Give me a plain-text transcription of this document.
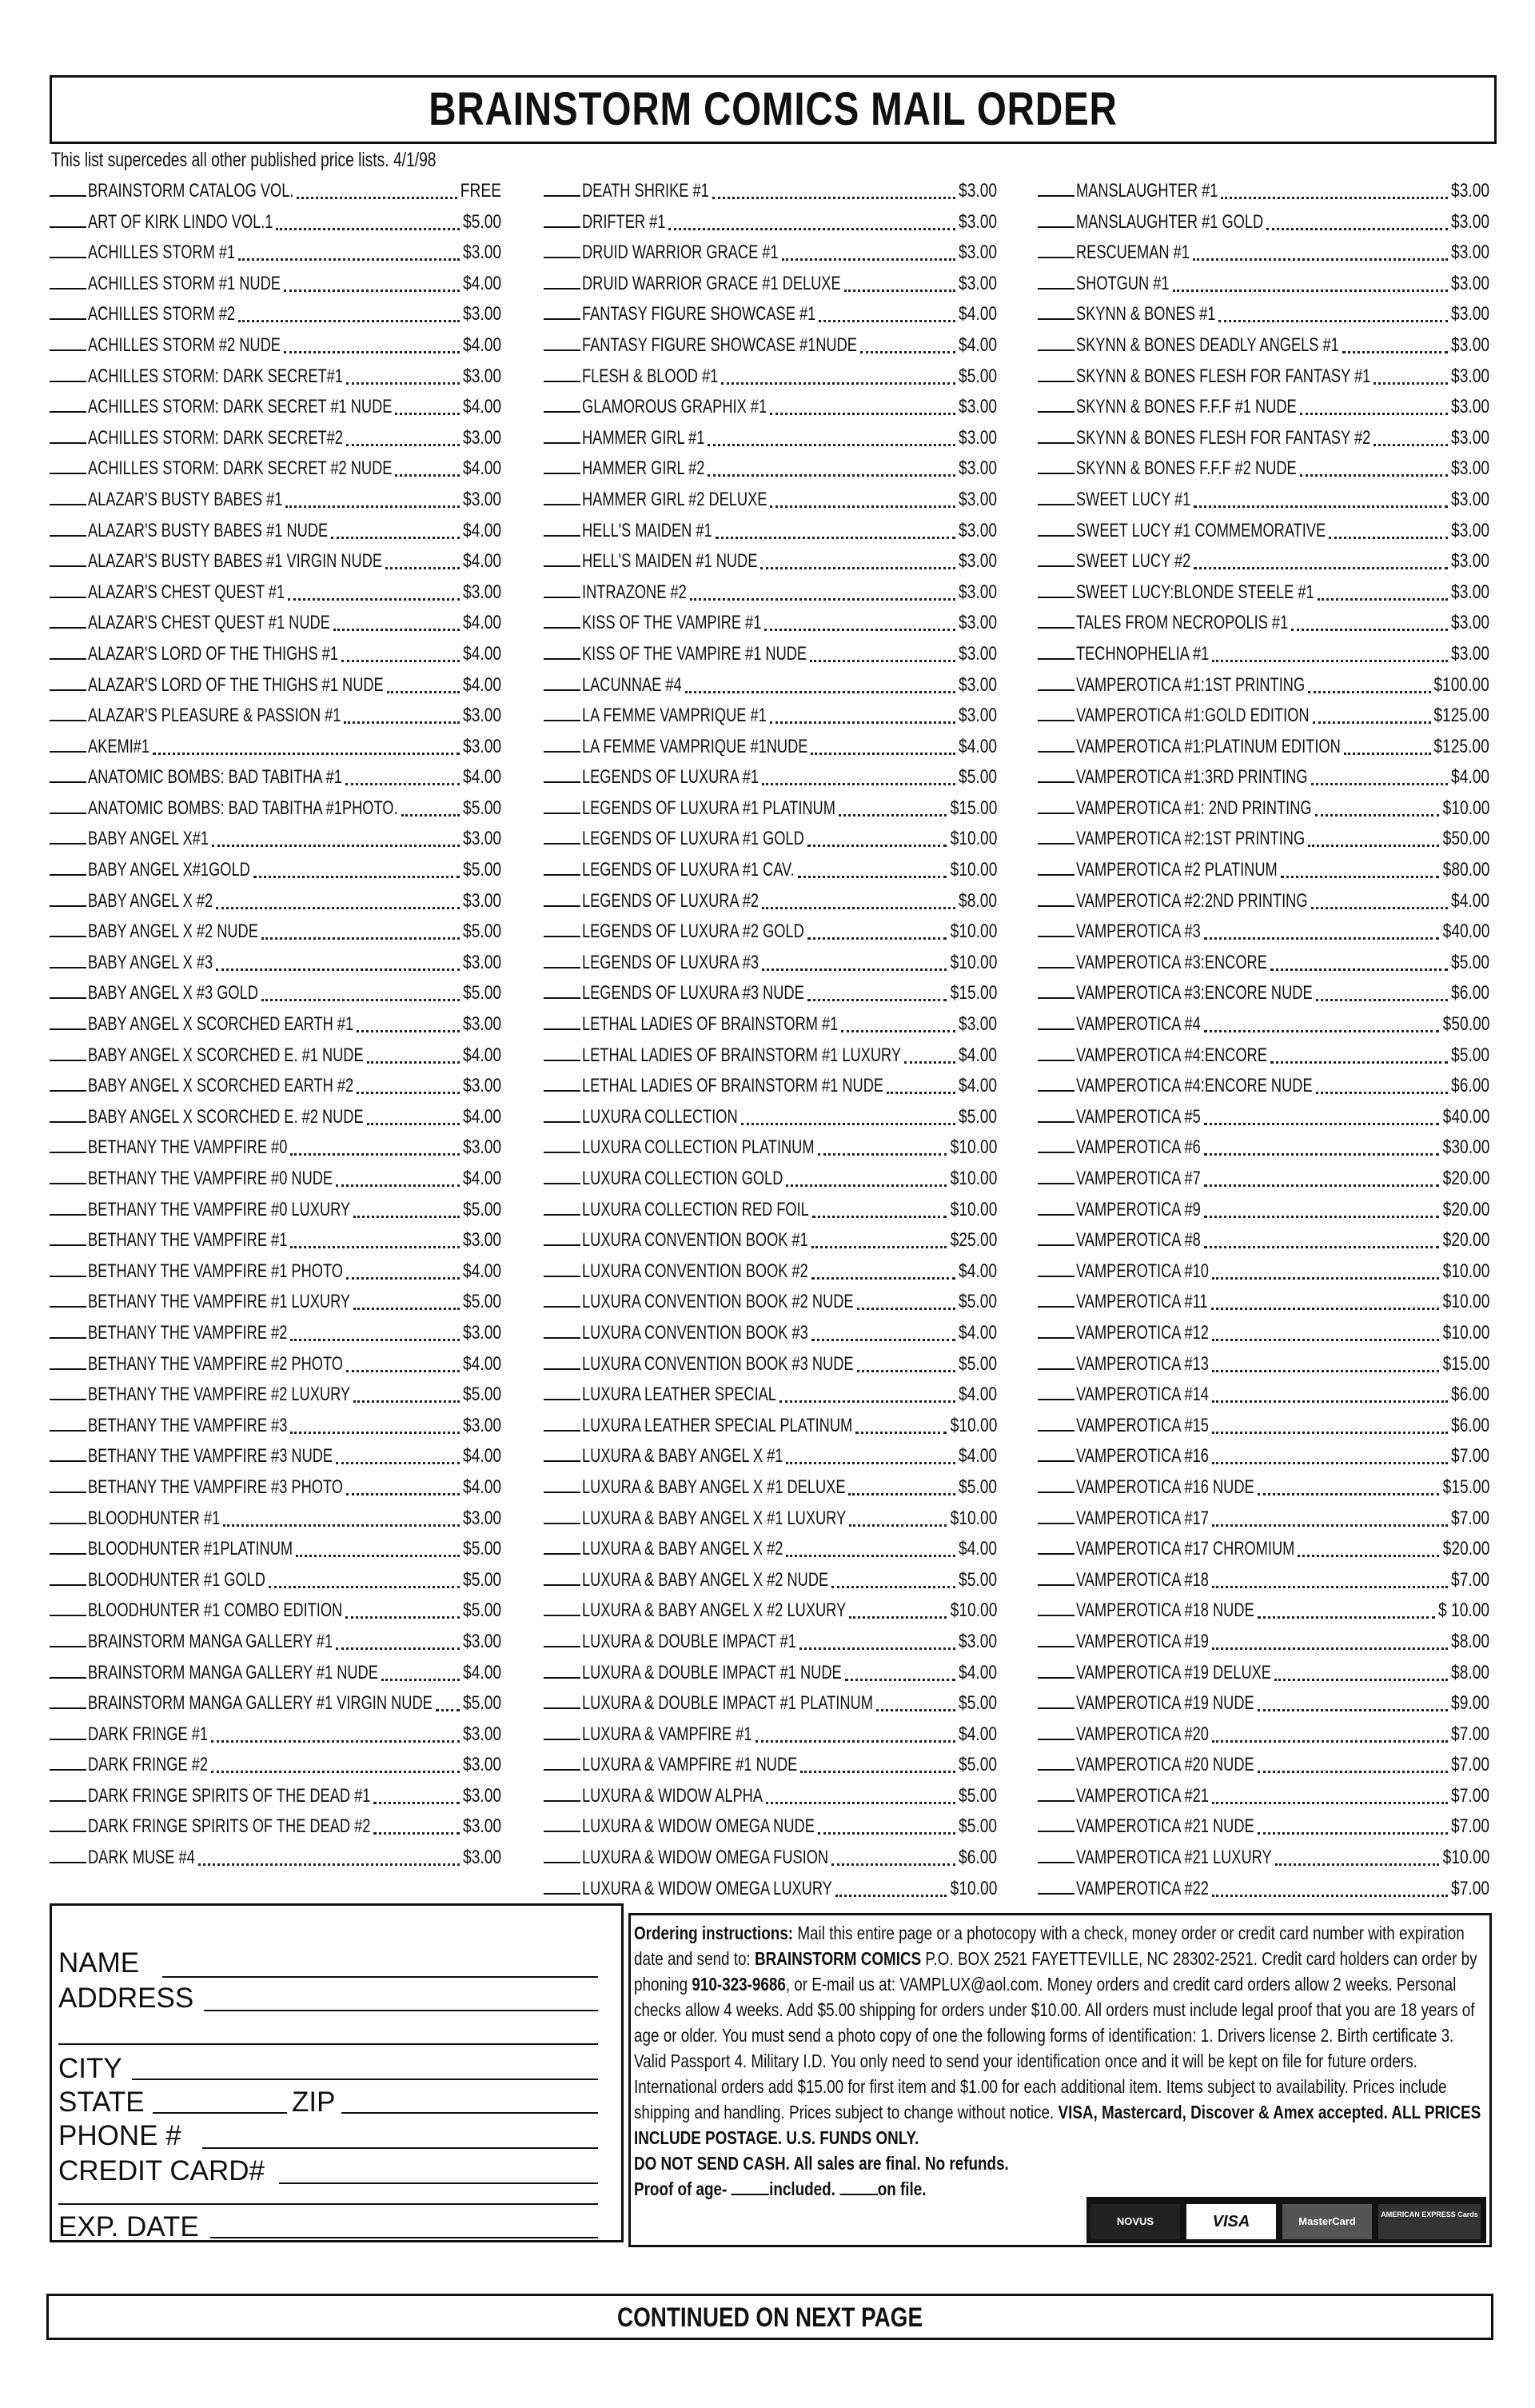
BRAINSTORM COMICS MAIL ORDER
This list supercedes all other published price lists. 4/1/98
BRAINSTORM CATALOG VOL.	FREE
ART OF KIRK LINDO VOL.1	$5.00
ACHILLES STORM #1	$3.00
ACHILLES STORM #1 NUDE	$4.00
ACHILLES STORM #2	$3.00
ACHILLES STORM #2 NUDE	$4.00
ACHILLES STORM: DARK SECRET#1	$3.00
ACHILLES STORM: DARK SECRET #1 NUDE	$4.00
ACHILLES STORM: DARK SECRET#2	$3.00
ACHILLES STORM: DARK SECRET #2 NUDE	$4.00
ALAZAR'S BUSTY BABES #1	$3.00
ALAZAR'S BUSTY BABES #1 NUDE	$4.00
ALAZAR'S BUSTY BABES #1 VIRGIN NUDE	$4.00
ALAZAR'S CHEST QUEST #1	$3.00
ALAZAR'S CHEST QUEST #1 NUDE	$4.00
ALAZAR'S LORD OF THE THIGHS #1	$4.00
ALAZAR'S LORD OF THE THIGHS #1 NUDE	$4.00
ALAZAR'S PLEASURE & PASSION #1	$3.00
AKEMI#1	$3.00
ANATOMIC BOMBS: BAD TABITHA #1	$4.00
ANATOMIC BOMBS: BAD TABITHA #1PHOTO.	$5.00
BABY ANGEL X#1	$3.00
BABY ANGEL X#1GOLD	$5.00
BABY ANGEL X #2	$3.00
BABY ANGEL X #2 NUDE	$5.00
BABY ANGEL X #3	$3.00
BABY ANGEL X #3 GOLD	$5.00
BABY ANGEL X SCORCHED EARTH #1	$3.00
BABY ANGEL X SCORCHED E. #1 NUDE	$4.00
BABY ANGEL X SCORCHED EARTH #2	$3.00
BABY ANGEL X SCORCHED E. #2 NUDE	$4.00
BETHANY THE VAMPFIRE #0	$3.00
BETHANY THE VAMPFIRE #0 NUDE	$4.00
BETHANY THE VAMPFIRE #0 LUXURY	$5.00
BETHANY THE VAMPFIRE #1	$3.00
BETHANY THE VAMPFIRE #1 PHOTO	$4.00
BETHANY THE VAMPFIRE #1 LUXURY	$5.00
BETHANY THE VAMPFIRE #2	$3.00
BETHANY THE VAMPFIRE #2 PHOTO	$4.00
BETHANY THE VAMPFIRE #2 LUXURY	$5.00
BETHANY THE VAMPFIRE #3	$3.00
BETHANY THE VAMPFIRE #3 NUDE	$4.00
BETHANY THE VAMPFIRE #3 PHOTO	$4.00
BLOODHUNTER #1	$3.00
BLOODHUNTER #1PLATINUM	$5.00
BLOODHUNTER #1 GOLD	$5.00
BLOODHUNTER #1 COMBO EDITION	$5.00
BRAINSTORM MANGA GALLERY #1	$3.00
BRAINSTORM MANGA GALLERY #1 NUDE	$4.00
BRAINSTORM MANGA GALLERY #1 VIRGIN NUDE $5.00
DARK FRINGE #1	$3.00
DARK FRINGE #2	$3.00
DARK FRINGE SPIRITS OF THE DEAD #1	$3.00
DARK FRINGE SPIRITS OF THE DEAD #2	$3.00
DARK MUSE #4	$3.00
DEATH SHRIKE #1	$3.00
DRIFTER #1	$3.00
DRUID WARRIOR GRACE #1	$3.00
DRUID WARRIOR GRACE #1 DELUXE	$3.00
FANTASY FIGURE SHOWCASE #1	$4.00
FANTASY FIGURE SHOWCASE #1NUDE	$4.00
FLESH & BLOOD #1	$5.00
GLAMOROUS GRAPHIX #1	$3.00
HAMMER GIRL #1	$3.00
HAMMER GIRL #2	$3.00
HAMMER GIRL #2 DELUXE	$3.00
HELL'S MAIDEN #1	$3.00
HELL'S MAIDEN #1 NUDE	$3.00
INTRAZONE #2	$3.00
KISS OF THE VAMPIRE #1	$3.00
KISS OF THE VAMPIRE #1 NUDE	$3.00
LACUNNAE #4	$3.00
LA FEMME VAMPRIQUE #1	$3.00
LA FEMME VAMPRIQUE #1NUDE	$4.00
LEGENDS OF LUXURA #1	$5.00
LEGENDS OF LUXURA #1 PLATINUM	$15.00
LEGENDS OF LUXURA #1 GOLD	$10.00
LEGENDS OF LUXURA #1 CAV.	$10.00
LEGENDS OF LUXURA #2	$8.00
LEGENDS OF LUXURA #2 GOLD	$10.00
LEGENDS OF LUXURA #3	$10.00
LEGENDS OF LUXURA #3 NUDE	$15.00
LETHAL LADIES OF BRAINSTORM #1	$3.00
LETHAL LADIES OF BRAINSTORM #1 LUXURY	$4.00
LETHAL LADIES OF BRAINSTORM #1 NUDE	$4.00
LUXURA COLLECTION	$5.00
LUXURA COLLECTION PLATINUM	$10.00
LUXURA COLLECTION GOLD	$10.00
LUXURA COLLECTION RED FOIL	$10.00
LUXURA CONVENTION BOOK #1	$25.00
LUXURA CONVENTION BOOK #2	$4.00
LUXURA CONVENTION BOOK #2 NUDE	$5.00
LUXURA CONVENTION BOOK #3	$4.00
LUXURA CONVENTION BOOK #3 NUDE	$5.00
LUXURA LEATHER SPECIAL	$4.00
LUXURA LEATHER SPECIAL PLATINUM	$10.00
LUXURA & BABY ANGEL X #1	$4.00
LUXURA & BABY ANGEL X #1 DELUXE	$5.00
LUXURA & BABY ANGEL X #1 LUXURY	$10.00
LUXURA & BABY ANGEL X #2	$4.00
LUXURA & BABY ANGEL X #2 NUDE	$5.00
LUXURA & BABY ANGEL X #2 LUXURY	$10.00
LUXURA & DOUBLE IMPACT #1	$3.00
LUXURA & DOUBLE IMPACT #1 NUDE	$4.00
LUXURA & DOUBLE IMPACT #1 PLATINUM	$5.00
LUXURA & VAMPFIRE #1	$4.00
LUXURA & VAMPFIRE #1 NUDE	$5.00
LUXURA & WIDOW ALPHA	$5.00
LUXURA & WIDOW OMEGA NUDE	$5.00
LUXURA & WIDOW OMEGA FUSION	$6.00
LUXURA & WIDOW OMEGA LUXURY	$10.00
MANSLAUGHTER #1	$3.00
MANSLAUGHTER #1 GOLD	$3.00
RESCUEMAN #1	$3.00
SHOTGUN #1	$3.00
SKYNN & BONES #1	$3.00
SKYNN & BONES DEADLY ANGELS #1	$3.00
SKYNN & BONES FLESH FOR FANTASY #1	$3.00
SKYNN & BONES F.F.F #1 NUDE	$3.00
SKYNN & BONES FLESH FOR FANTASY #2	$3.00
SKYNN & BONES F.F.F #2 NUDE	$3.00
SWEET LUCY #1	$3.00
SWEET LUCY #1 COMMEMORATIVE	$3.00
SWEET LUCY #2	$3.00
SWEET LUCY:BLONDE STEELE #1	$3.00
TALES FROM NECROPOLIS #1	$3.00
TECHNOPHELIA #1	$3.00
VAMPEROTICA #1:1ST PRINTING	$100.00
VAMPEROTICA #1:GOLD EDITION	$125.00
VAMPEROTICA #1:PLATINUM EDITION	$125.00
VAMPEROTICA #1:3RD PRINTING	$4.00
VAMPEROTICA #1: 2ND PRINTING	$10.00
VAMPEROTICA #2:1ST PRINTING	$50.00
VAMPEROTICA #2 PLATINUM	$80.00
VAMPEROTICA #2:2ND PRINTING	$4.00
VAMPEROTICA #3	$40.00
VAMPEROTICA #3:ENCORE	$5.00
VAMPEROTICA #3:ENCORE NUDE	$6.00
VAMPEROTICA #4	$50.00
VAMPEROTICA #4:ENCORE	$5.00
VAMPEROTICA #4:ENCORE NUDE	$6.00
VAMPEROTICA #5	$40.00
VAMPEROTICA #6	$30.00
VAMPEROTICA #7	$20.00
VAMPEROTICA #9	$20.00
VAMPEROTICA #8	$20.00
VAMPEROTICA #10	$10.00
VAMPEROTICA #11	$10.00
VAMPEROTICA #12	$10.00
VAMPEROTICA #13	$15.00
VAMPEROTICA #14	$6.00
VAMPEROTICA #15	$6.00
VAMPEROTICA #16	$7.00
VAMPEROTICA #16 NUDE	$15.00
VAMPEROTICA #17	$7.00
VAMPEROTICA #17 CHROMIUM	$20.00
VAMPEROTICA #18	$7.00
VAMPEROTICA #18 NUDE	$ 10.00
VAMPEROTICA #19	$8.00
VAMPEROTICA #19 DELUXE	$8.00
VAMPEROTICA #19 NUDE	$9.00
VAMPEROTICA #20	$7.00
VAMPEROTICA #20 NUDE	$7.00
VAMPEROTICA #21	$7.00
VAMPEROTICA #21 NUDE	$7.00
VAMPEROTICA #21 LUXURY	$10.00
VAMPEROTICA #22	$7.00
NAME
ADDRESS
CITY
STATE	ZIP
PHONE #
CREDIT CARD#
EXP. DATE
Ordering instructions: Mail this entire page or a photocopy with a check, money order or credit card number with expiration date and send to: BRAINSTORM COMICS P.O. BOX 2521 FAYETTEVILLE, NC 28302-2521. Credit card holders can order by phoning 910-323-9686, or E-mail us at: VAMPLUX@aol.com. Money orders and credit card orders allow 2 weeks. Personal checks allow 4 weeks. Add $5.00 shipping for orders under $10.00. All orders must include legal proof that you are 18 years of age or older. You must send a photo copy of one the following forms of identification: 1. Drivers license 2. Birth certificate 3. Valid Passport 4. Military I.D. You only need to send your identification once and it will be kept on file for future orders. International orders add $15.00 for first item and $1.00 for each additional item. Items subject to availability. Prices include shipping and handling. Prices subject to change without notice. VISA, Mastercard, Discover & Amex accepted. ALL PRICES INCLUDE POSTAGE. U.S. FUNDS ONLY.
DO NOT SEND CASH. All sales are final. No refunds.
Proof of age- included. on file.
NOVUS	VISA	MasterCard
AMERICAN EXPRESS Cards
CONTINUED ON NEXT PAGE
